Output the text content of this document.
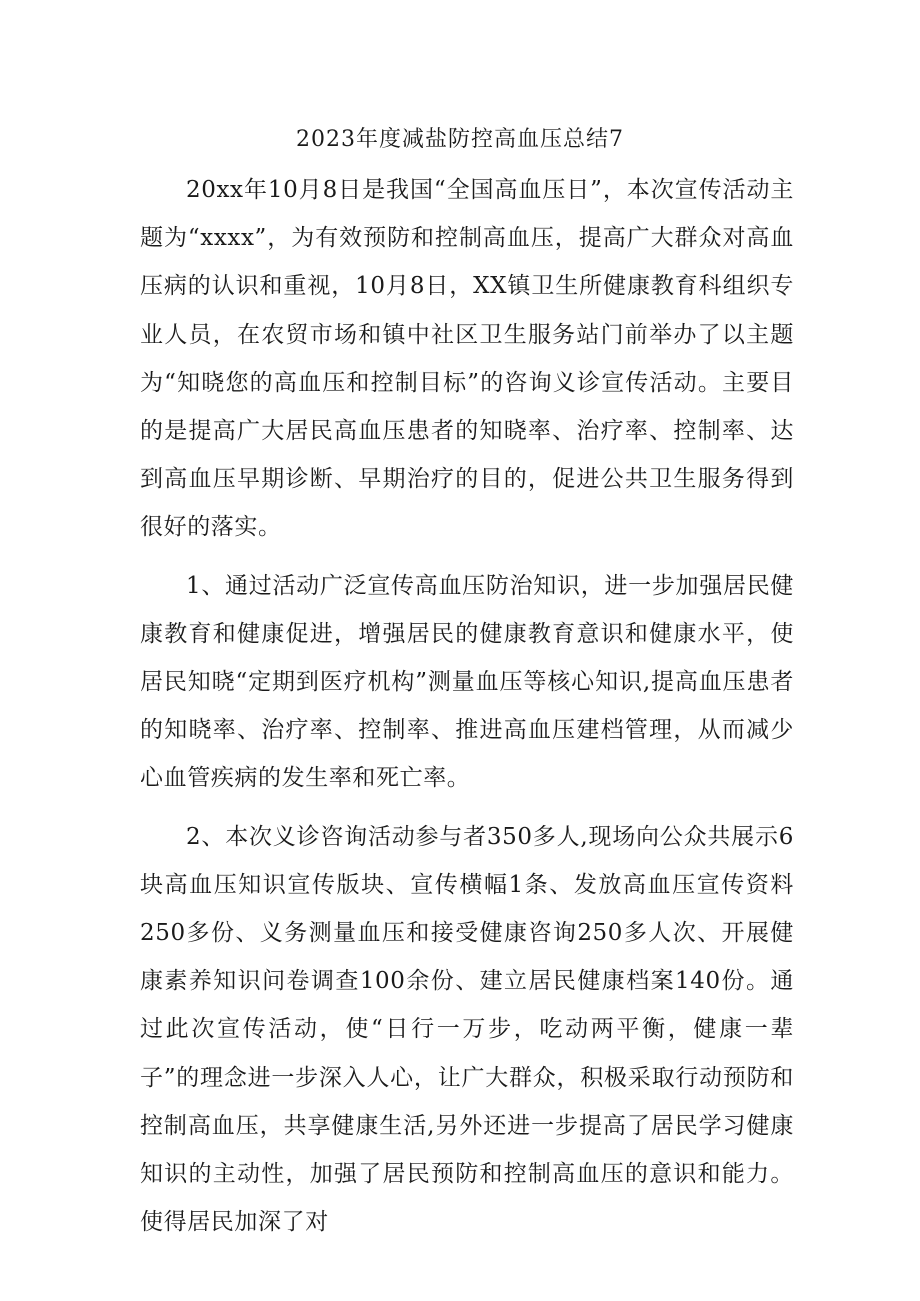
2023年度减盐防控高血压总结7

20xx年10月8日是我国“全国高血压日”，本次宣传活动主题为“xxxx”，为有效预防和控制高血压，提高广大群众对高血压病的认识和重视，10月8日，XX镇卫生所健康教育科组织专业人员，在农贸市场和镇中社区卫生服务站门前举办了以主题为“知晓您的高血压和控制目标”的咨询义诊宣传活动。主要目的是提高广大居民高血压患者的知晓率、治疗率、控制率、达到高血压早期诊断、早期治疗的目的，促进公共卫生服务得到很好的落实。

1、通过活动广泛宣传高血压防治知识，进一步加强居民健康教育和健康促进，增强居民的健康教育意识和健康水平，使居民知晓“定期到医疗机构”测量血压等核心知识,提高血压患者的知晓率、治疗率、控制率、推进高血压建档管理，从而减少心血管疾病的发生率和死亡率。

2、本次义诊咨询活动参与者350多人,现场向公众共展示6块高血压知识宣传版块、宣传横幅1条、发放高血压宣传资料250多份、义务测量血压和接受健康咨询250多人次、开展健康素养知识问卷调查100余份、建立居民健康档案140份。通过此次宣传活动，使“日行一万步，吃动两平衡，健康一辈子”的理念进一步深入人心，让广大群众，积极采取行动预防和控制高血压，共享健康生活,另外还进一步提高了居民学习健康知识的主动性，加强了居民预防和控制高血压的意识和能力。使得居民加深了对
